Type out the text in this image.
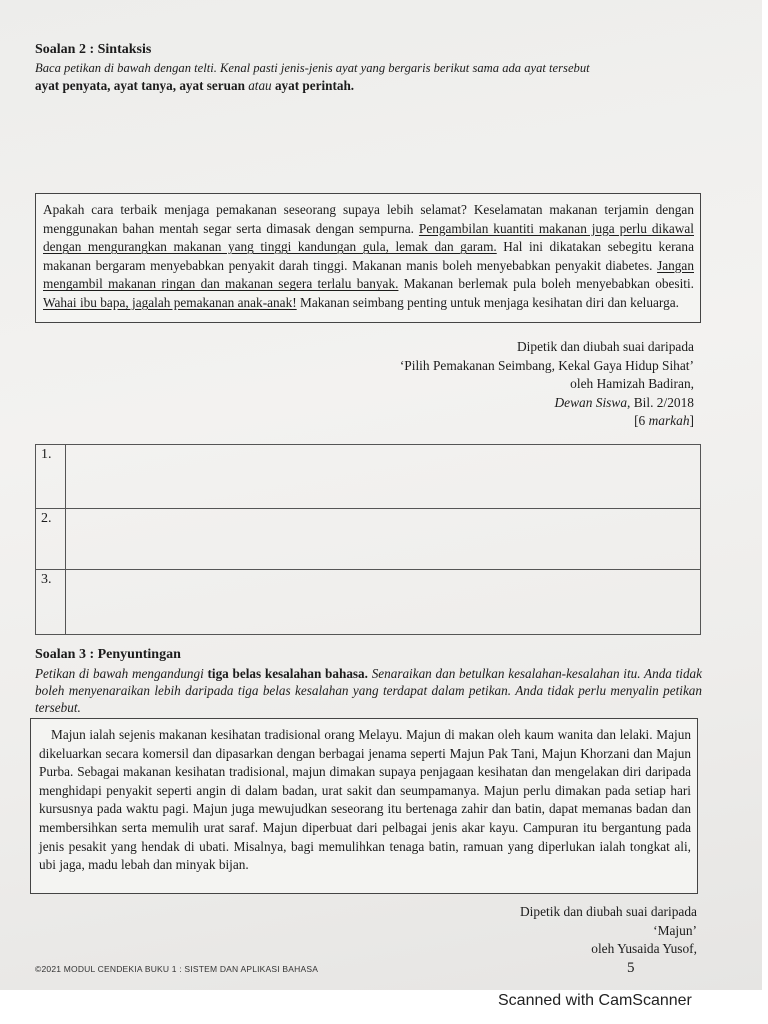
Soalan 2 : Sintaksis
Baca petikan di bawah dengan telti. Kenal pasti jenis-jenis ayat yang bergaris berikut sama ada ayat tersebut
ayat penyata, ayat tanya, ayat seruan atau ayat perintah.
Apakah cara terbaik menjaga pemakanan seseorang supaya lebih selamat? Keselamatan makanan terjamin dengan menggunakan bahan mentah segar serta dimasak dengan sempurna. Pengambilan kuantiti makanan juga perlu dikawal dengan mengurangkan makanan yang tinggi kandungan gula, lemak dan garam. Hal ini dikatakan sebegitu kerana makanan bergaram menyebabkan penyakit darah tinggi. Makanan manis boleh menyebabkan penyakit diabetes. Jangan mengambil makanan ringan dan makanan segera terlalu banyak. Makanan berlemak pula boleh menyebabkan obesiti. Wahai ibu bapa, jagalah pemakanan anak-anak! Makanan seimbang penting untuk menjaga kesihatan diri dan keluarga.
Dipetik dan diubah suai daripada
‘Pilih Pemakanan Seimbang, Kekal Gaya Hidup Sihat’
oleh Hamizah Badiran,
Dewan Siswa, Bil. 2/2018
[6 markah]
1.	
2.	
3.	
Soalan 3 : Penyuntingan
Petikan di bawah mengandungi tiga belas kesalahan bahasa. Senaraikan dan betulkan kesalahan-kesalahan itu. Anda tidak boleh menyenaraikan lebih daripada tiga belas kesalahan yang terdapat dalam petikan. Anda tidak perlu menyalin petikan tersebut.
Majun ialah sejenis makanan kesihatan tradisional orang Melayu. Majun di makan oleh kaum wanita dan lelaki. Majun dikeluarkan secara komersil dan dipasarkan dengan berbagai jenama seperti Majun Pak Tani, Majun Khorzani dan Majun Purba. Sebagai makanan kesihatan tradisional, majun dimakan supaya penjagaan kesihatan dan mengelakan diri daripada menghidapi penyakit seperti angin di dalam badan, urat sakit dan seumpamanya. Majun perlu dimakan pada setiap hari kursusnya pada waktu pagi. Majun juga mewujudkan seseorang itu bertenaga zahir dan batin, dapat memanas badan dan membersihkan serta memulih urat saraf. Majun diperbuat dari pelbagai jenis akar kayu. Campuran itu bergantung pada jenis pesakit yang hendak di ubati. Misalnya, bagi memulihkan tenaga batin, ramuan yang diperlukan ialah tongkat ali, ubi jaga, madu lebah dan minyak bijan.
Dipetik dan diubah suai daripada
‘Majun’
oleh Yusaida Yusof,
©2021 MODUL CENDEKIA BUKU 1 : SISTEM DAN APLIKASI BAHASA	5
Scanned with CamScanner
